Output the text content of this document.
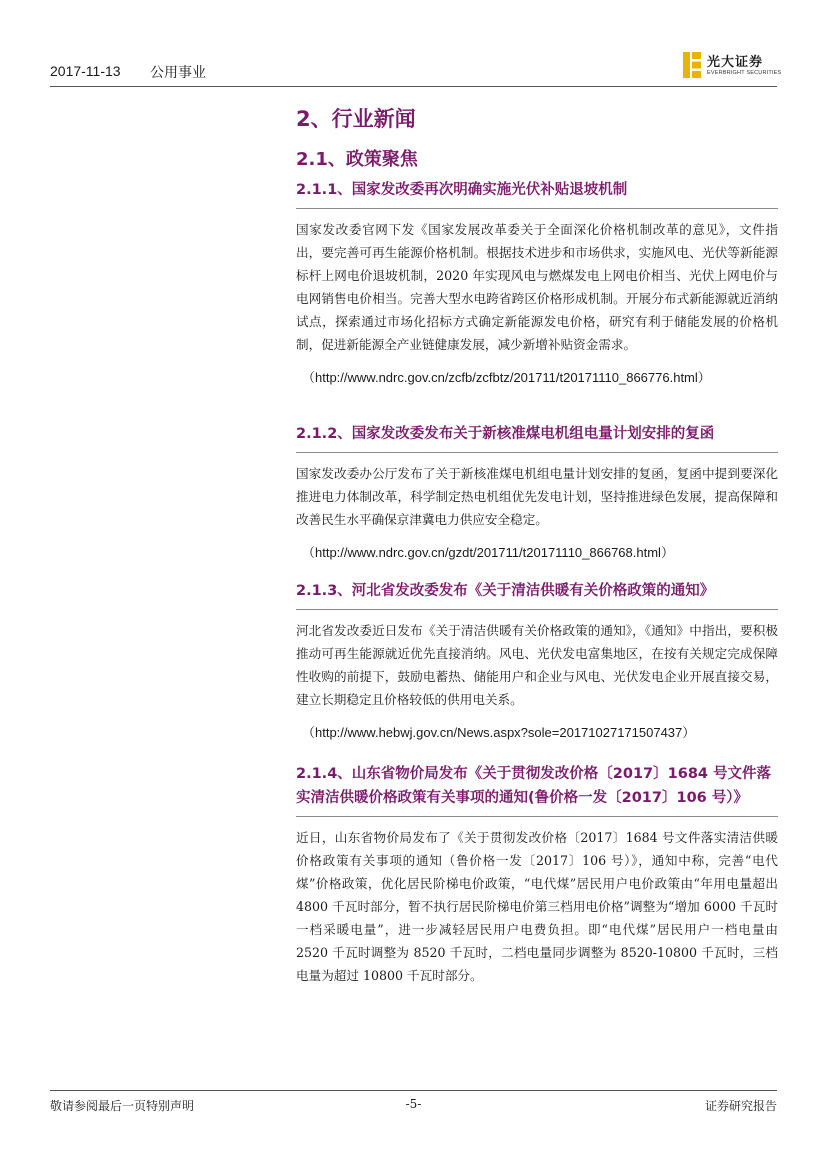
2017-11-13 公用事业
光大证券
EVERBRIGHT SECURITIES
2、行业新闻
2.1、政策聚焦
2.1.1、国家发改委再次明确实施光伏补贴退坡机制
国家发改委官网下发《国家发展改革委关于全面深化价格机制改革的意见》，文件指出，要完善可再生能源价格机制。根据技术进步和市场供求，实施风电、光伏等新能源标杆上网电价退坡机制，2020 年实现风电与燃煤发电上网电价相当、光伏上网电价与电网销售电价相当。完善大型水电跨省跨区价格形成机制。开展分布式新能源就近消纳试点，探索通过市场化招标方式确定新能源发电价格，研究有利于储能发展的价格机制，促进新能源全产业链健康发展，减少新增补贴资金需求。
（http://www.ndrc.gov.cn/zcfb/zcfbtz/201711/t20171110_866776.html）
2.1.2、国家发改委发布关于新核准煤电机组电量计划安排的复函
国家发改委办公厅发布了关于新核准煤电机组电量计划安排的复函，复函中提到要深化推进电力体制改革，科学制定热电机组优先发电计划，坚持推进绿色发展，提高保障和改善民生水平确保京津冀电力供应安全稳定。
（http://www.ndrc.gov.cn/gzdt/201711/t20171110_866768.html）
2.1.3、河北省发改委发布《关于清洁供暖有关价格政策的通知》
河北省发改委近日发布《关于清洁供暖有关价格政策的通知》，《通知》中指出，要积极推动可再生能源就近优先直接消纳。风电、光伏发电富集地区，在按有关规定完成保障性收购的前提下，鼓励电蓄热、储能用户和企业与风电、光伏发电企业开展直接交易，建立长期稳定且价格较低的供用电关系。
（http://www.hebwj.gov.cn/News.aspx?sole=20171027171507437）
2.1.4、山东省物价局发布《关于贯彻发改价格〔2017〕1684 号文件落实清洁供暖价格政策有关事项的通知(鲁价格一发〔2017〕106 号）》
近日，山东省物价局发布了《关于贯彻发改价格〔2017〕1684 号文件落实清洁供暖价格政策有关事项的通知（鲁价格一发〔2017〕106 号）》，通知中称，完善“电代煤”价格政策，优化居民阶梯电价政策，“电代煤”居民用户电价政策由“年用电量超出 4800 千瓦时部分，暂不执行居民阶梯电价第三档用电价格”调整为“增加 6000 千瓦时一档采暖电量”，进一步减轻居民用户电费负担。即“电代煤”居民用户一档电量由 2520 千瓦时调整为 8520 千瓦时，二档电量同步调整为 8520-10800 千瓦时，三档电量为超过 10800 千瓦时部分。
敬请参阅最后一页特别声明	-5-	证券研究报告
